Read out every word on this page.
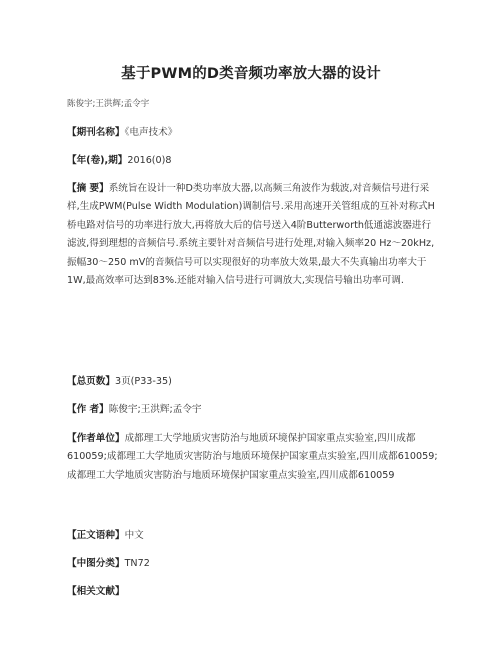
基于PWM的D类音频功率放大器的设计
陈俊宇;王洪辉;孟令宇
【期刊名称】《电声技术》
【年(卷),期】2016(0)8
【摘 要】系统旨在设计一种D类功率放大器,以高频三角波作为载波,对音频信号进行采样,生成PWM(Pulse Width Modulation)调制信号.采用高速开关管组成的互补对称式H桥电路对信号的功率进行放大,再将放大后的信号送入4阶Butterworth低通滤波器进行滤波,得到理想的音频信号.系统主要针对音频信号进行处理,对输入频率20 Hz～20kHz,振幅30～250 mV的音频信号可以实现很好的功率放大效果,最大不失真输出功率大于1W,最高效率可达到83%.还能对输入信号进行可调放大,实现信号输出功率可调.
【总页数】3页(P33-35)
【作 者】陈俊宇;王洪辉;孟令宇
【作者单位】成都理工大学地质灾害防治与地质环境保护国家重点实验室,四川成都610059;成都理工大学地质灾害防治与地质环境保护国家重点实验室,四川成都610059;成都理工大学地质灾害防治与地质环境保护国家重点实验室,四川成都610059
【正文语种】中文
【中图分类】TN72
【相关文献】
